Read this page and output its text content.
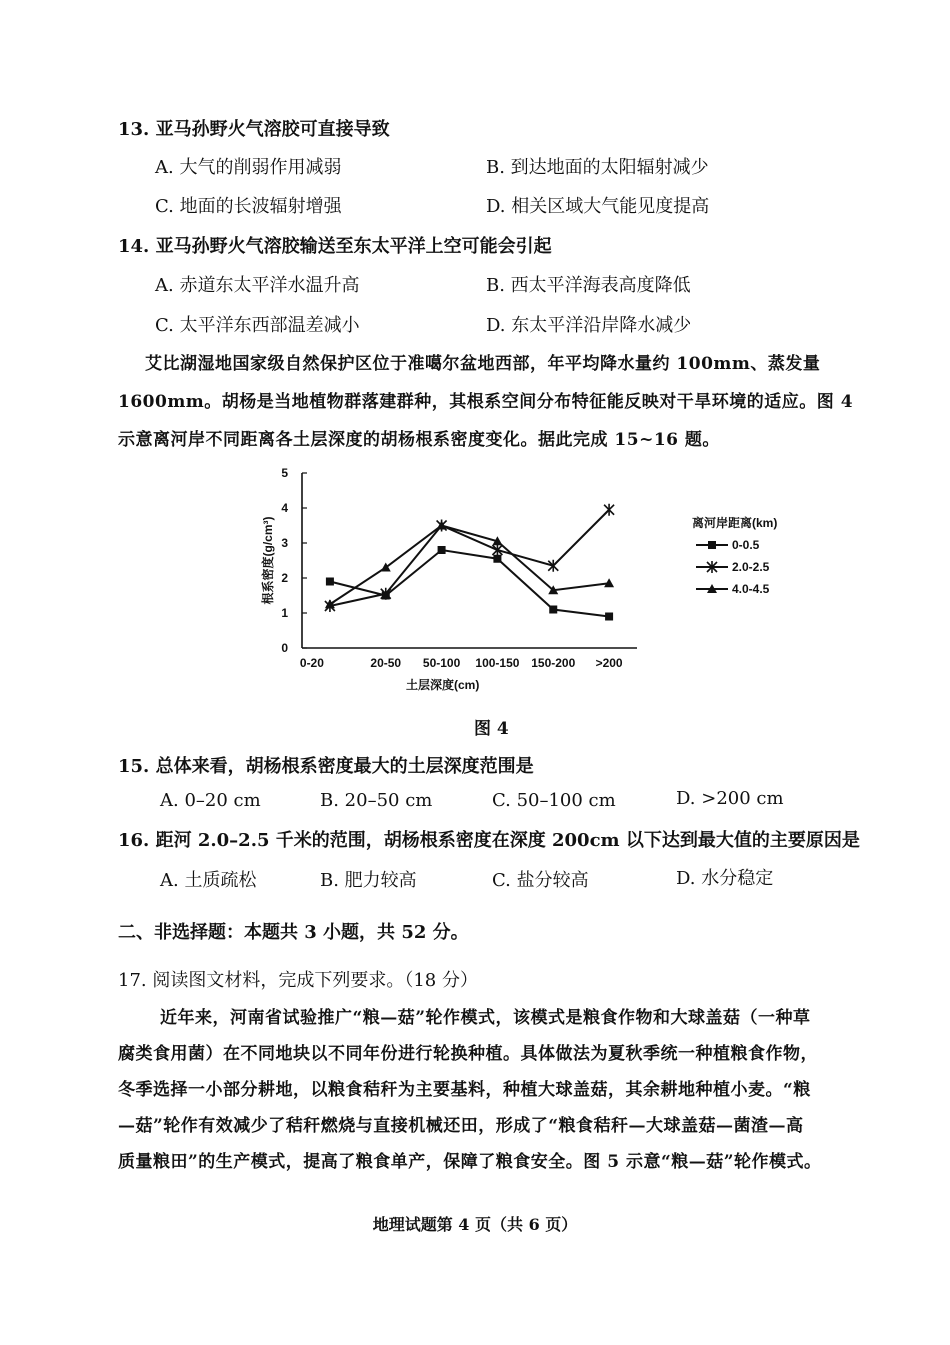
13. 亚马孙野火气溶胶可直接导致
A. 大气的削弱作用减弱	B. 到达地面的太阳辐射减少
C. 地面的长波辐射增强	D. 相关区域大气能见度提高
14. 亚马孙野火气溶胶输送至东太平洋上空可能会引起
A. 赤道东太平洋水温升高	B. 西太平洋海表高度降低
C. 太平洋东西部温差减小	D. 东太平洋沿岸降水减少
艾比湖湿地国家级自然保护区位于准噶尔盆地西部，年平均降水量约 100mm、蒸发量
1600mm。胡杨是当地植物群落建群种，其根系空间分布特征能反映对干旱环境的适应。图 4
示意离河岸不同距离各土层深度的胡杨根系密度变化。据此完成 15~16 题。
0
1
2
3
4
5
0-20	20-50 50-100 100-150 150-200 >200
土层深度(cm)
根系密度(g/cm³)	离河岸距离(km)
0-0.5
2.0-2.5
4.0-4.5
图 4
15. 总体来看，胡杨根系密度最大的土层深度范围是
A. 0–20 cm	B. 20–50 cm	C. 50–100 cm	D. >200 cm
16. 距河 2.0–2.5 千米的范围，胡杨根系密度在深度 200cm 以下达到最大值的主要原因是
A. 土质疏松	B. 肥力较高	C. 盐分较高	D. 水分稳定
二、非选择题：本题共 3 小题，共 52 分。
17. 阅读图文材料，完成下列要求。（18 分）
近年来，河南省试验推广“粮—菇”轮作模式，该模式是粮食作物和大球盖菇（一种草
腐类食用菌）在不同地块以不同年份进行轮换种植。具体做法为夏秋季统一种植粮食作物，
冬季选择一小部分耕地，以粮食秸秆为主要基料，种植大球盖菇，其余耕地种植小麦。“粮
—菇”轮作有效减少了秸秆燃烧与直接机械还田，形成了“粮食秸秆—大球盖菇—菌渣—高
质量粮田”的生产模式，提高了粮食单产，保障了粮食安全。图 5 示意“粮—菇”轮作模式。
地理试题第 4 页（共 6 页）
